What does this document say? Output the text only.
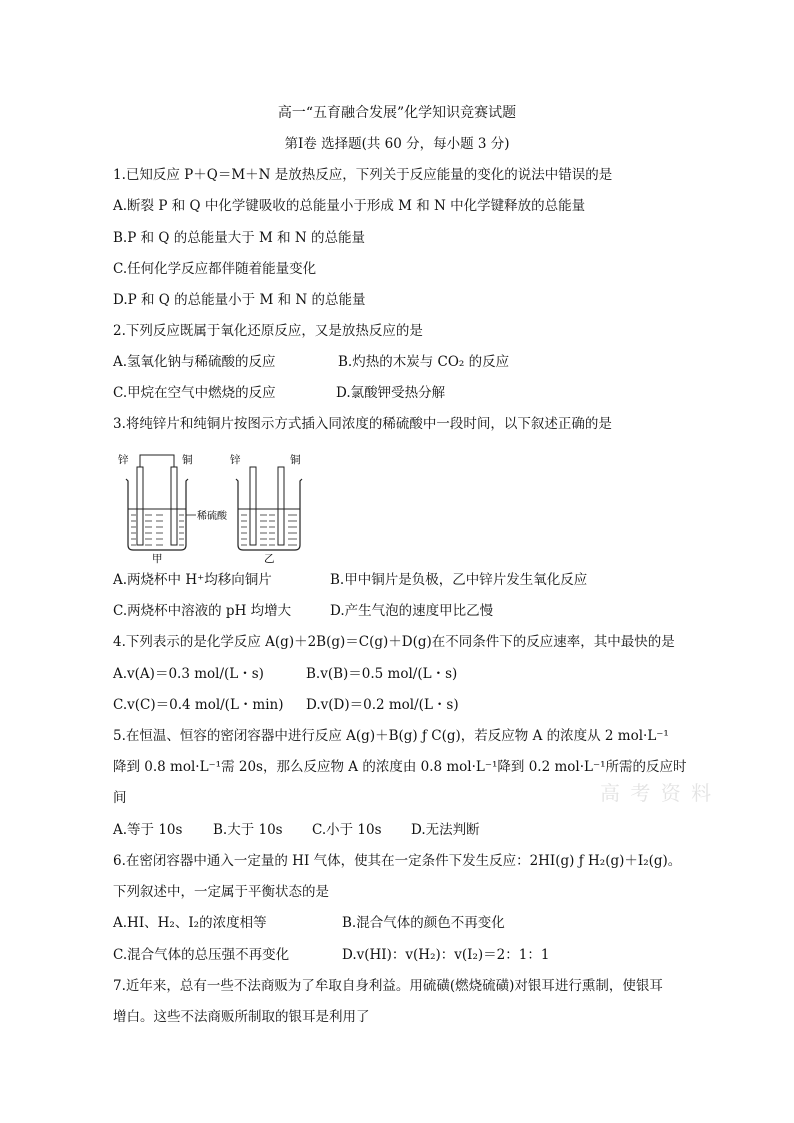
高一“五育融合发展”化学知识竞赛试题
第Ⅰ卷 选择题(共 60 分，每小题 3 分)
1.已知反应 P＋Q＝M＋N 是放热反应，下列关于反应能量的变化的说法中错误的是
A.断裂 P 和 Q 中化学键吸收的总能量小于形成 M 和 N 中化学键释放的总能量
B.P 和 Q 的总能量大于 M 和 N 的总能量
C.任何化学反应都伴随着能量变化
D.P 和 Q 的总能量小于 M 和 N 的总能量
2.下列反应既属于氧化还原反应，又是放热反应的是
A.氢氧化钠与稀硫酸的反应	B.灼热的木炭与 CO₂ 的反应
C.甲烷在空气中燃烧的反应	D.氯酸钾受热分解
3.将纯锌片和纯铜片按图示方式插入同浓度的稀硫酸中一段时间，以下叙述正确的是
锌	铜
稀硫酸
甲
锌	铜
乙
A.两烧杯中 H⁺均移向铜片	B.甲中铜片是负极，乙中锌片发生氧化反应
C.两烧杯中溶液的 pH 均增大	D.产生气泡的速度甲比乙慢
4.下列表示的是化学反应 A(g)＋2B(g)＝C(g)＋D(g)在不同条件下的反应速率，其中最快的是
A.v(A)＝0.3 mol/(L・s)	B.v(B)＝0.5 mol/(L・s)
C.v(C)＝0.4 mol/(L・min) D.v(D)＝0.2 mol/(L・s)
5.在恒温、恒容的密闭容器中进行反应 A(g)＋B(g) ƒ C(g)，若反应物 A 的浓度从 2 mol·L⁻¹
降到 0.8 mol·L⁻¹需 20s，那么反应物 A 的浓度由 0.8 mol·L⁻¹降到 0.2 mol·L⁻¹所需的反应时
间
A.等于 10s B.大于 10s C.小于 10s D.无法判断
6.在密闭容器中通入一定量的 HI 气体，使其在一定条件下发生反应：2HI(g) ƒ H₂(g)＋I₂(g)。
下列叙述中，一定属于平衡状态的是
A.HI、H₂、I₂的浓度相等	B.混合气体的颜色不再变化
C.混合气体的总压强不再变化	D.v(HI)：v(H₂)：v(I₂)＝2：1：1
7.近年来，总有一些不法商贩为了牟取自身利益。用硫磺(燃烧硫磺)对银耳进行熏制，使银耳
增白。这些不法商贩所制取的银耳是利用了
高 考 资 料
